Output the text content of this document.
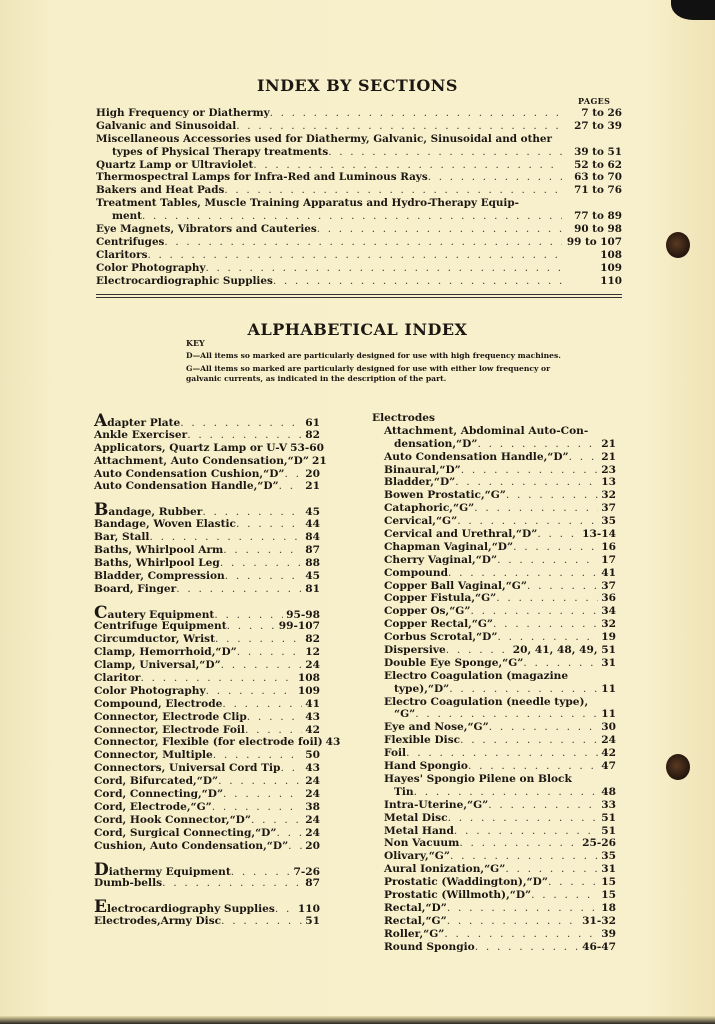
INDEX BY SECTIONS
PAGES
High Frequency or Diathermy . . .	7 to 26
Galvanic and Sinusoidal . . .	27 to 39
Miscellaneous Accessories used for Diathermy, Galvanic, Sinusoidal and other
types of Physical Therapy treatments . . .	39 to 51
Quartz Lamp or Ultraviolet . . .	52 to 62
Thermospectral Lamps for Infra-Red and Luminous Rays . . .	63 to 70
Bakers and Heat Pads . . .	71 to 76
Treatment Tables, Muscle Training Apparatus and Hydro-Therapy Equip-
ment . . .	77 to 89
Eye Magnets, Vibrators and Cauteries . . .	90 to 98
Centrifuges . . .	99 to 107
Claritors . . .	108
Color Photography . . .	109
Electrocardiographic Supplies . . .	110
ALPHABETICAL INDEX
KEY

D—All items so marked are particularly designed for use with high frequency machines.

G—All items so marked are particularly designed for use with either low frequency or galvanic currents, as indicated in the description of the part.

Adapter Plate . . .	61
Ankle Exerciser . . .	82
Applicators, Quartz Lamp or U-V 53-60
Attachment, Auto Condensation,“D” 21
Auto Condensation Cushion,“D” . . . 20
Auto Condensation Handle,“D” . . .	21
Bandage, Rubber . . .	45
Bandage, Woven Elastic . . .	44
Bar, Stall . . .	84
Baths, Whirlpool Arm . . .	87
Baths, Whirlpool Leg . . .	88
Bladder, Compression . . .	45
Board, Finger . . .	81
Cautery Equipment . . .	95-98
Centrifuge Equipment . . .	99-107
Circumductor, Wrist . . .	82
Clamp, Hemorrhoid,“D” . . .	12
Clamp, Universal,“D” . . .	24
Claritor . . .	108
Color Photography . . .	109
Compound, Electrode . . .	41
Connector, Electrode Clip . . .	43
Connector, Electrode Foil . . .	42
Connector, Flexible (for electrode foil) 43
Connector, Multiple . . .	50
Connectors, Universal Cord Tip . . . 43
Cord, Bifurcated,“D” . . .	24
Cord, Connecting,“D” . . .	24
Cord, Electrode,“G” . . .	38
Cord, Hook Connector,“D” . . .	24
Cord, Surgical Connecting,“D” . . .	24
Cushion, Auto Condensation,“D” . . . 20
Diathermy Equipment . . .	7-26
Dumb-bells . . .	87
Electrocardiography Supplies . . . 110
Electrodes,Army Disc . . .	51
Electrodes
Attachment, Abdominal Auto-Con-
densation,“D” . . .	21
Auto Condensation Handle,“D” . . .	21
Binaural,“D” . . .	23
Bladder,“D” . . .	13
Bowen Prostatic,“G” . . .	32
Cataphoric,“G” . . .	37
Cervical,“G” . . .	35
Cervical and Urethral,“D” . . .	13-14
Chapman Vaginal,“D” . . .	16
Cherry Vaginal,“D” . . .	17
Compound . . .	41
Copper Ball Vaginal,“G” . . .	37
Copper Fistula,“G” . . .	36
Copper Os,“G” . . .	34
Copper Rectal,“G” . . .	32
Corbus Scrotal,“D” . . .	19
Dispersive . . .	20, 41, 48, 49, 51
Double Eye Sponge,“G” . . .	31
Electro Coagulation (magazine
type),“D” . . .	11
Electro Coagulation (needle type),
“G” . . .	11
Eye and Nose,“G” . . .	30
Flexible Disc . . .	24
Foil . . .	42
Hand Spongio . . .	47
Hayes' Spongio Pilene on Block
Tin . . .	48
Intra-Uterine,“G” . . .	33
Metal Disc . . .	51
Metal Hand . . .	51
Non Vacuum . . .	25-26
Olivary,“G” . . .	35
Aural Ionization,“G” . . .	31
Prostatic (Waddington),“D” . . .	15
Prostatic (Willmoth),“D” . . .	15
Rectal,“D” . . .	18
Rectal,“G” . . .	31-32
Roller,“G” . . .	39
Round Spongio . . .	46-47
